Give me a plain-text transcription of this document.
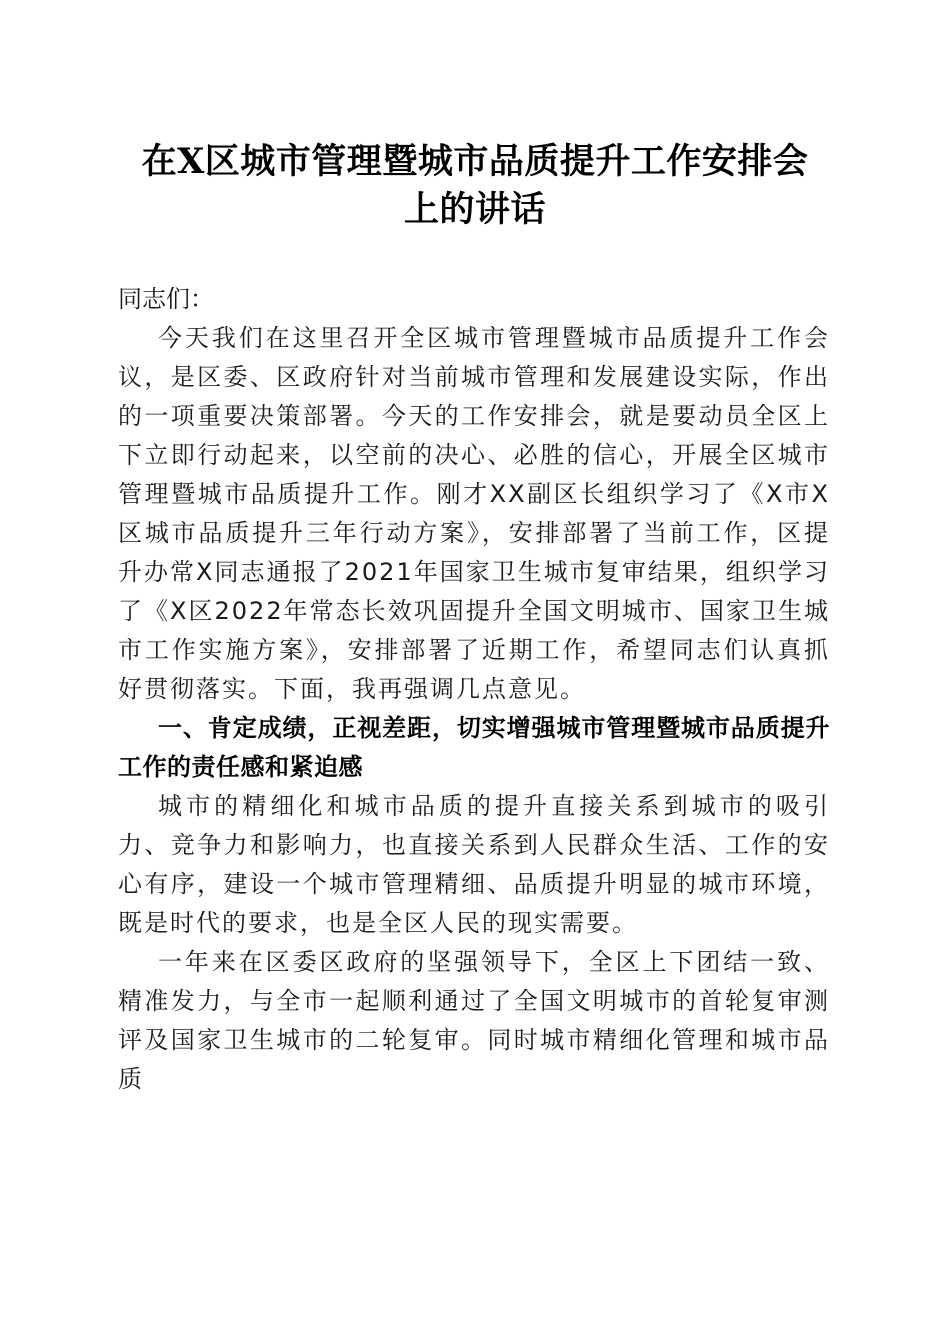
在X区城市管理暨城市品质提升工作安排会
上的讲话

同志们：

今天我们在这里召开全区城市管理暨城市品质提升工作会议，是区委、区政府针对当前城市管理和发展建设实际，作出的一项重要决策部署。今天的工作安排会，就是要动员全区上下立即行动起来，以空前的决心、必胜的信心，开展全区城市管理暨城市品质提升工作。刚才XX副区长组织学习了《X市X区城市品质提升三年行动方案》，安排部署了当前工作，区提升办常X同志通报了2021年国家卫生城市复审结果，组织学习了《X区2022年常态长效巩固提升全国文明城市、国家卫生城市工作实施方案》，安排部署了近期工作，希望同志们认真抓好贯彻落实。下面，我再强调几点意见。

一、肯定成绩，正视差距，切实增强城市管理暨城市品质提升工作的责任感和紧迫感

城市的精细化和城市品质的提升直接关系到城市的吸引力、竞争力和影响力，也直接关系到人民群众生活、工作的安心有序，建设一个城市管理精细、品质提升明显的城市环境，既是时代的要求，也是全区人民的现实需要。

一年来在区委区政府的坚强领导下，全区上下团结一致、精准发力，与全市一起顺利通过了全国文明城市的首轮复审测评及国家卫生城市的二轮复审。同时城市精细化管理和城市品质
